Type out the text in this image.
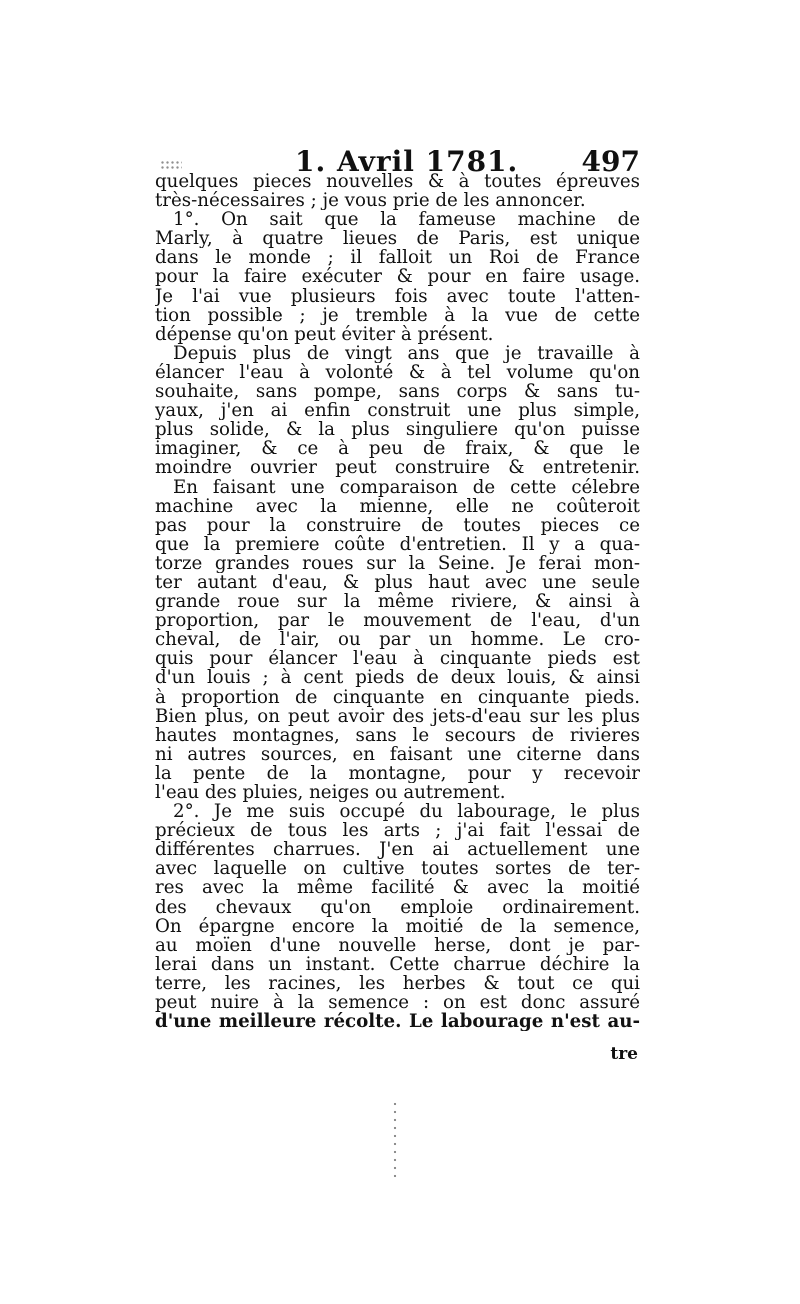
1. Avril 1781. 497
quelques pieces nouvelles & à toutes épreuves
très-nécessaires ; je vous prie de les annoncer.
1°. On sait que la fameuse machine de
Marly, à quatre lieues de Paris, est unique
dans le monde ; il falloit un Roi de France
pour la faire exécuter & pour en faire usage.
Je l'ai vue plusieurs fois avec toute l'atten-
tion possible ; je tremble à la vue de cette
dépense qu'on peut éviter à présent.
Depuis plus de vingt ans que je travaille à
élancer l'eau à volonté & à tel volume qu'on
souhaite, sans pompe, sans corps & sans tu-
yaux, j'en ai enfin construit une plus simple,
plus solide, & la plus singuliere qu'on puisse
imaginer, & ce à peu de fraix, & que le
moindre ouvrier peut construire & entretenir.
En faisant une comparaison de cette célebre
machine avec la mienne, elle ne coûteroit
pas pour la construire de toutes pieces ce
que la premiere coûte d'entretien. Il y a qua-
torze grandes roues sur la Seine. Je ferai mon-
ter autant d'eau, & plus haut avec une seule
grande roue sur la même riviere, & ainsi à
proportion, par le mouvement de l'eau, d'un
cheval, de l'air, ou par un homme. Le cro-
quis pour élancer l'eau à cinquante pieds est
d'un louis ; à cent pieds de deux louis, & ainsi
à proportion de cinquante en cinquante pieds.
Bien plus, on peut avoir des jets-d'eau sur les plus
hautes montagnes, sans le secours de rivieres
ni autres sources, en faisant une citerne dans
la pente de la montagne, pour y recevoir
l'eau des pluies, neiges ou autrement.
2°. Je me suis occupé du labourage, le plus
précieux de tous les arts ; j'ai fait l'essai de
différentes charrues. J'en ai actuellement une
avec laquelle on cultive toutes sortes de ter-
res avec la même facilité & avec la moitié
des chevaux qu'on emploie ordinairement.
On épargne encore la moitié de la semence,
au moïen d'une nouvelle herse, dont je par-
lerai dans un instant. Cette charrue déchire la
terre, les racines, les herbes & tout ce qui
peut nuire à la semence : on est donc assuré
d'une meilleure récolte. Le labourage n'est au-
tre
